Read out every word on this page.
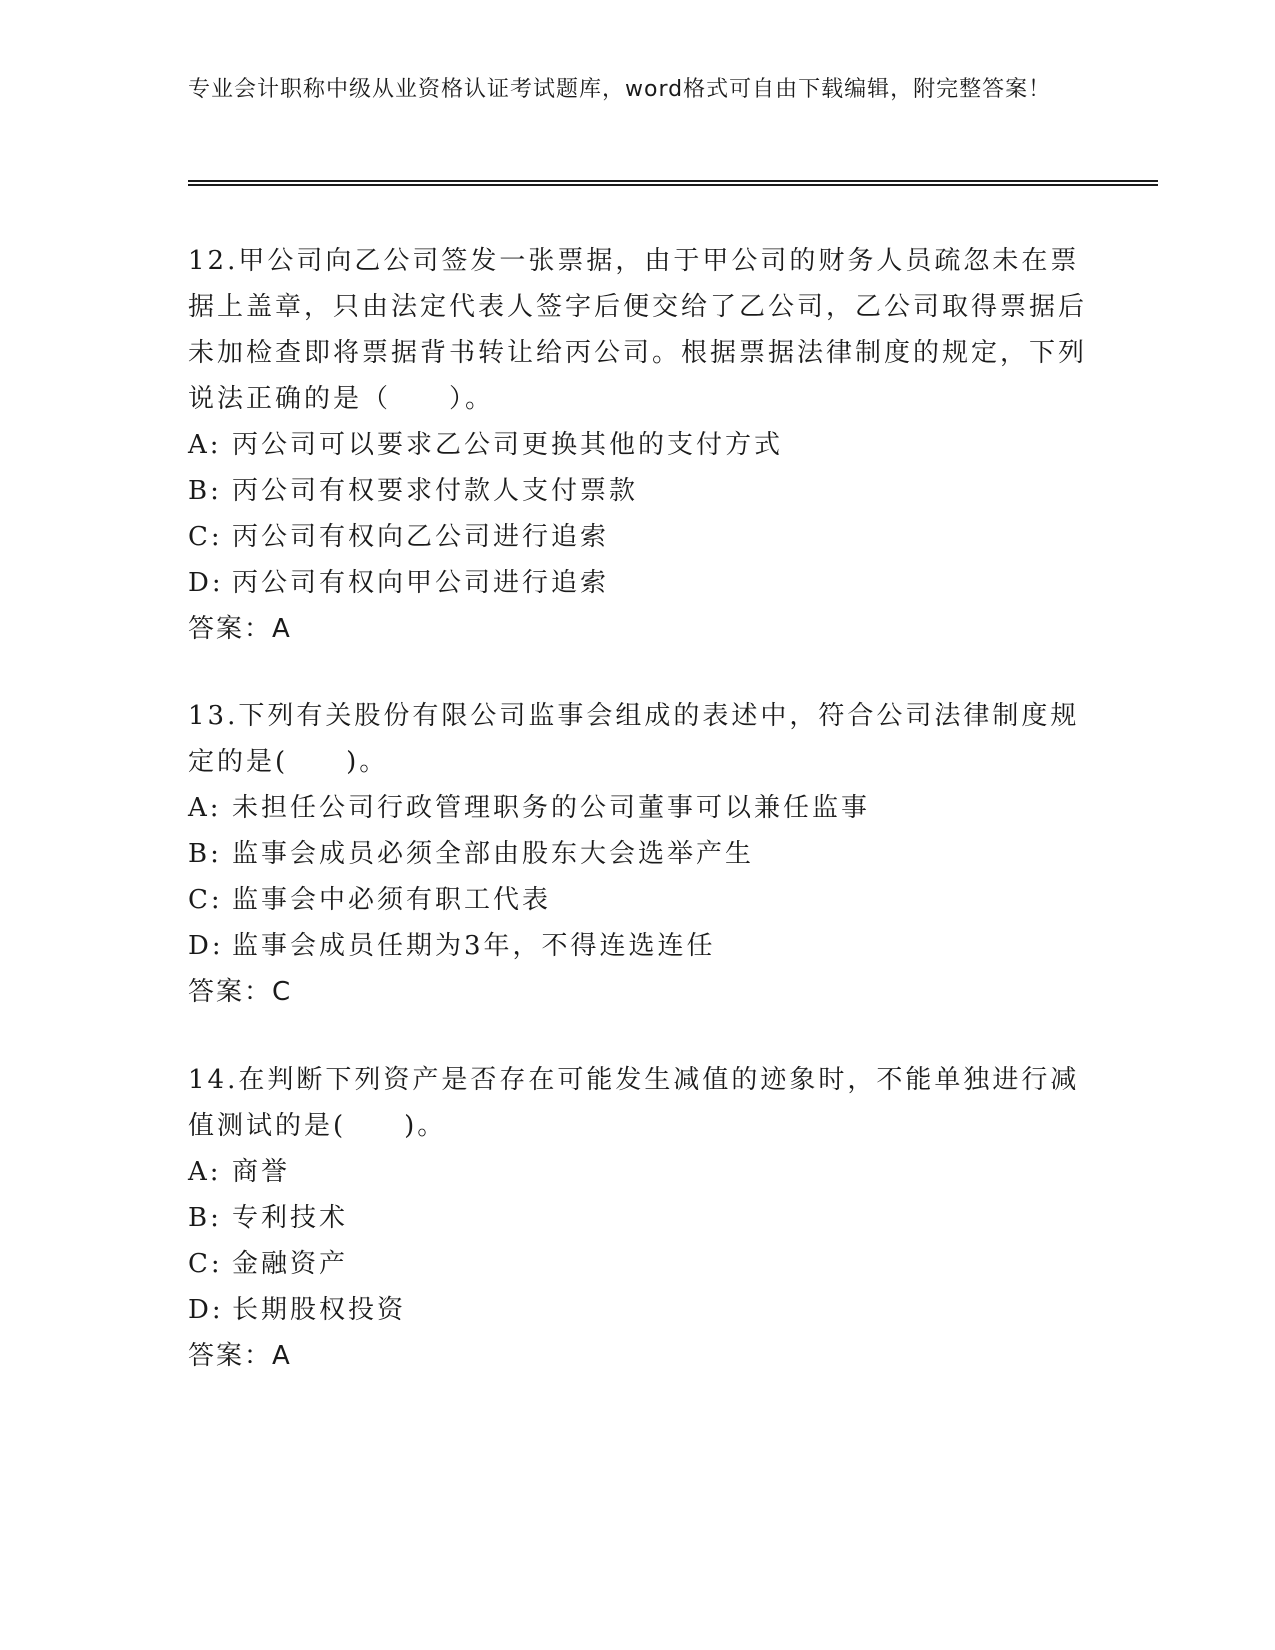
专业会计职称中级从业资格认证考试题库，word格式可自由下载编辑，附完整答案！

12.甲公司向乙公司签发一张票据，由于甲公司的财务人员疏忽未在票据上盖章，只由法定代表人签字后便交给了乙公司，乙公司取得票据后未加检查即将票据背书转让给丙公司。根据票据法律制度的规定，下列说法正确的是（　　）。

A: 丙公司可以要求乙公司更换其他的支付方式

B: 丙公司有权要求付款人支付票款

C: 丙公司有权向乙公司进行追索

D: 丙公司有权向甲公司进行追索

答案：A

13.下列有关股份有限公司监事会组成的表述中，符合公司法律制度规定的是(　　)。

A: 未担任公司行政管理职务的公司董事可以兼任监事

B: 监事会成员必须全部由股东大会选举产生

C: 监事会中必须有职工代表

D: 监事会成员任期为3年，不得连选连任

答案：C

14.在判断下列资产是否存在可能发生减值的迹象时，不能单独进行减值测试的是(　　)。

A: 商誉

B: 专利技术

C: 金融资产

D: 长期股权投资

答案：A
